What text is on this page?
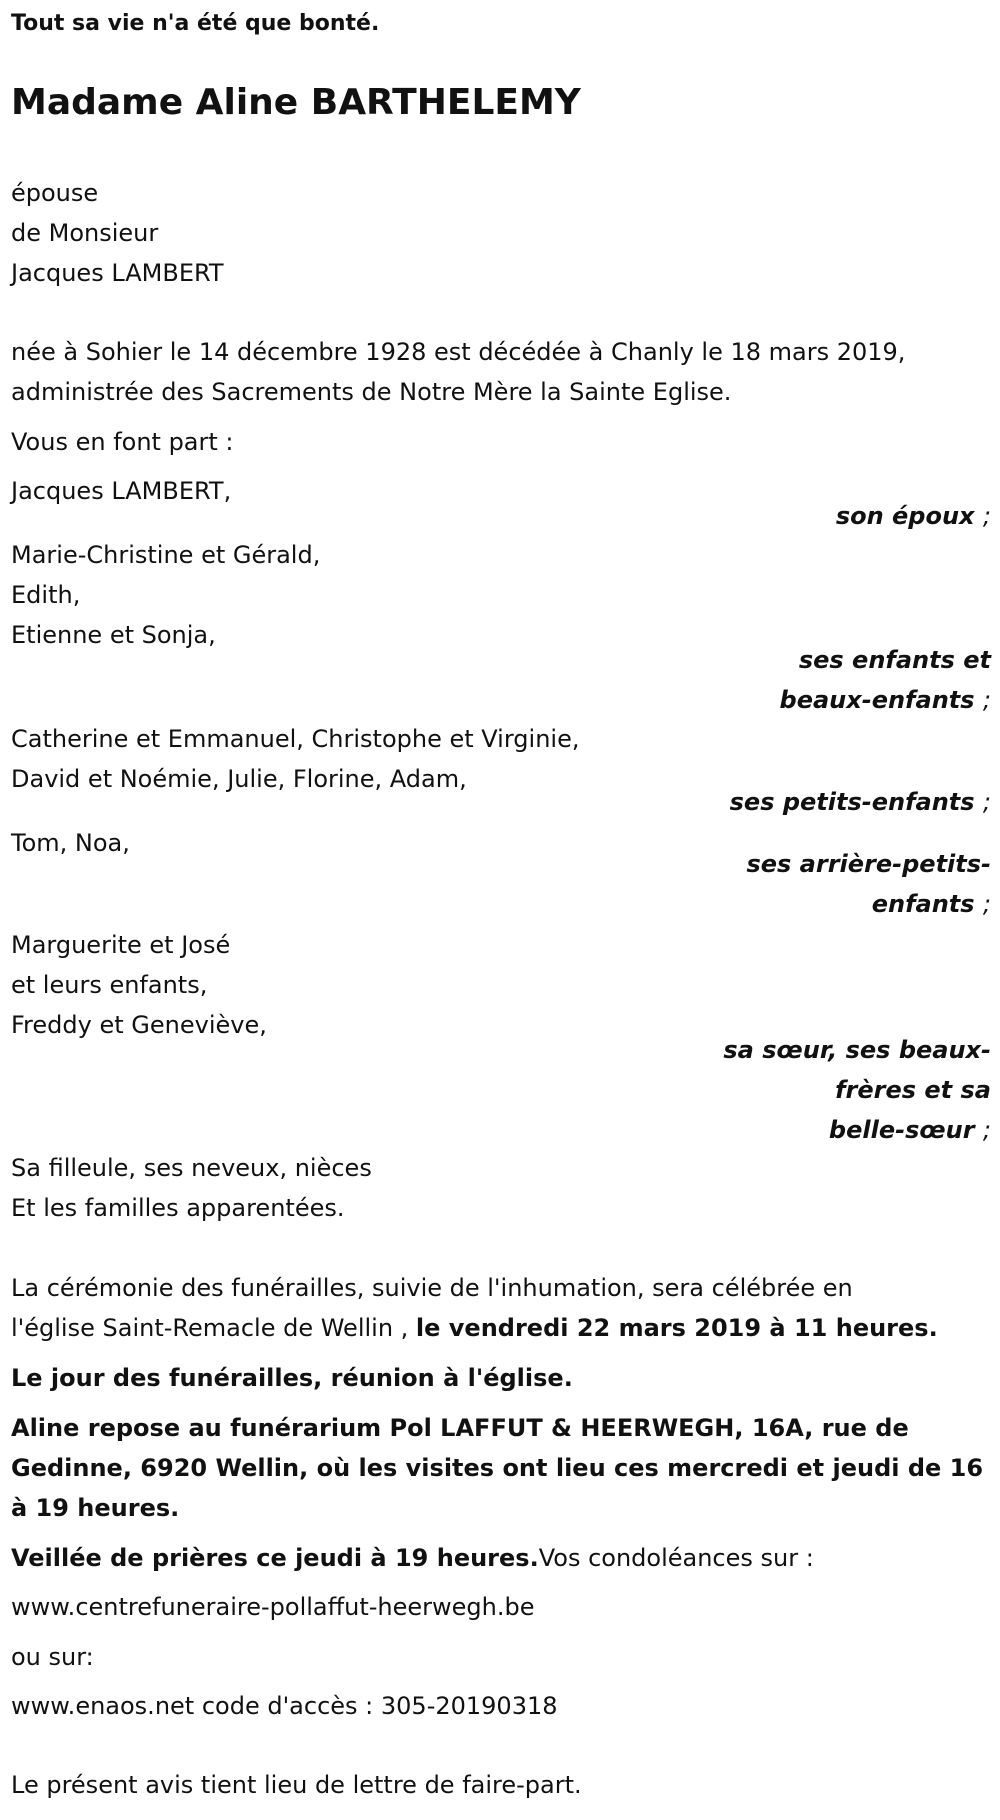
Tout sa vie n'a été que bonté.
Madame Aline BARTHELEMY
épouse
de Monsieur
Jacques LAMBERT
née à Sohier le 14 décembre 1928 est décédée à Chanly le 18 mars 2019,
administrée des Sacrements de Notre Mère la Sainte Eglise.
Vous en font part :
Jacques LAMBERT,
son époux ;
Marie-Christine et Gérald,
Edith,
Etienne et Sonja,
ses enfants et
beaux-enfants ;
Catherine et Emmanuel, Christophe et Virginie,
David et Noémie, Julie, Florine, Adam,
ses petits-enfants ;
Tom, Noa,
ses arrière-petits-
enfants ;
Marguerite et José
et leurs enfants,
Freddy et Geneviève,
sa sœur, ses beaux-
frères et sa
belle-sœur ;
Sa filleule, ses neveux, nièces
Et les familles apparentées.
La cérémonie des funérailles, suivie de l'inhumation, sera célébrée en
l'église Saint-Remacle de Wellin , le vendredi 22 mars 2019 à 11 heures.
Le jour des funérailles, réunion à l'église.
Aline repose au funérarium Pol LAFFUT & HEERWEGH, 16A, rue de
Gedinne, 6920 Wellin, où les visites ont lieu ces mercredi et jeudi de 16
à 19 heures.
Veillée de prières ce jeudi à 19 heures.Vos condoléances sur :
www.centrefuneraire-pollaffut-heerwegh.be
ou sur:
www.enaos.net code d'accès : 305-20190318
Le présent avis tient lieu de lettre de faire-part.
